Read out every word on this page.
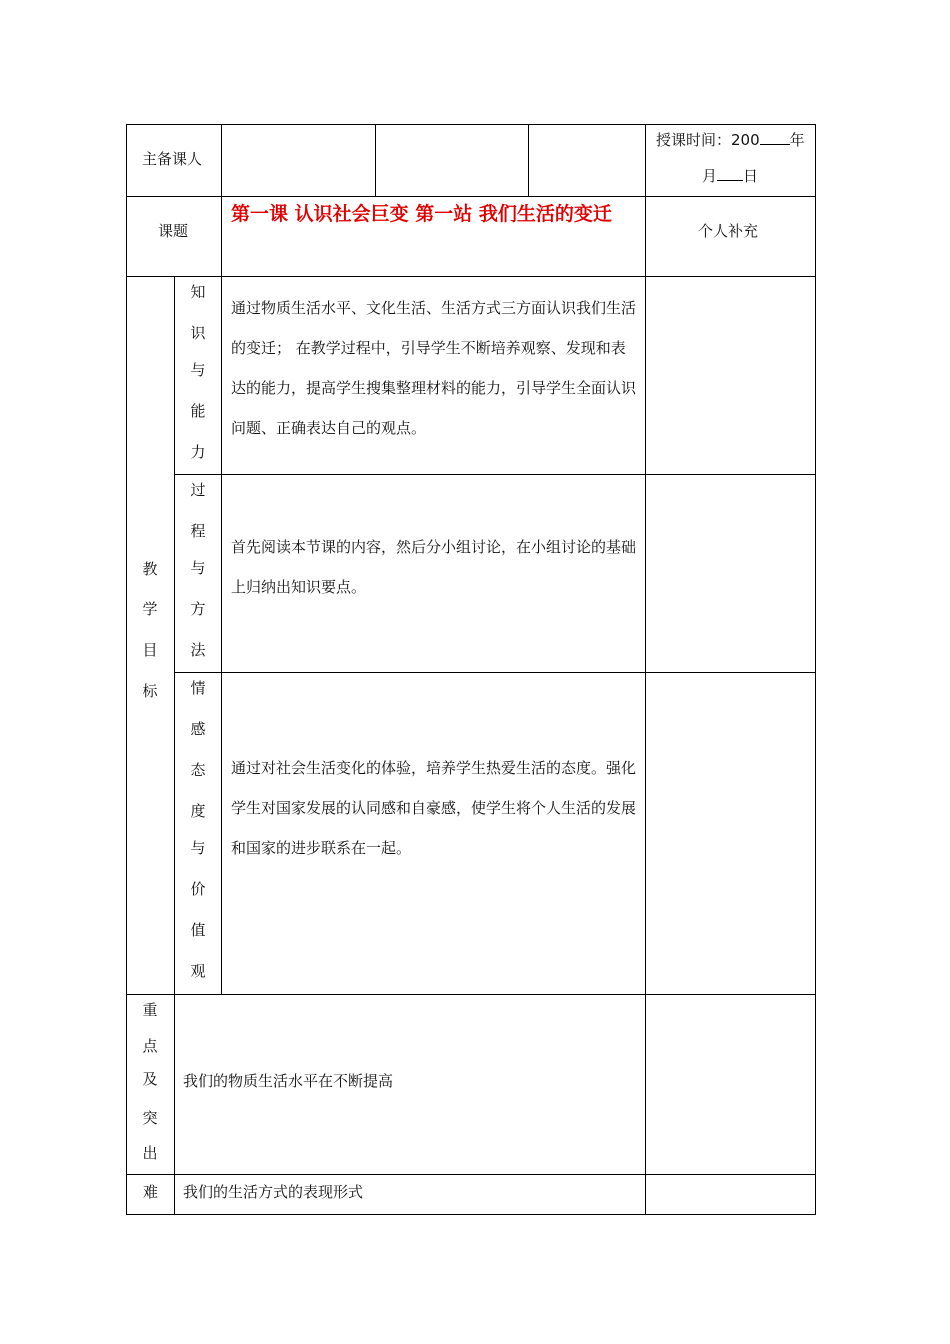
主备课人
授课时间：200 年
月 日
课题
第一课 认识社会巨变 第一站 我们生活的变迁
个人补充
教
学
目
标
知
识
与
能
力
通过物质生活水平、文化生活、生活方式三方面认识我们生活的变迁； 在教学过程中，引导学生不断培养观察、发现和表达的能力，提高学生搜集整理材料的能力，引导学生全面认识问题、正确表达自己的观点。
过
程
与
方
法
首先阅读本节课的内容，然后分小组讨论，在小组讨论的基础上归纳出知识要点。
情
感
态
度
与
价
值
观
通过对社会生活变化的体验，培养学生热爱生活的态度。强化学生对国家发展的认同感和自豪感，使学生将个人生活的发展和国家的进步联系在一起。
重
点
及
突
出
我们的物质生活水平在不断提高
难 我们的生活方式的表现形式
